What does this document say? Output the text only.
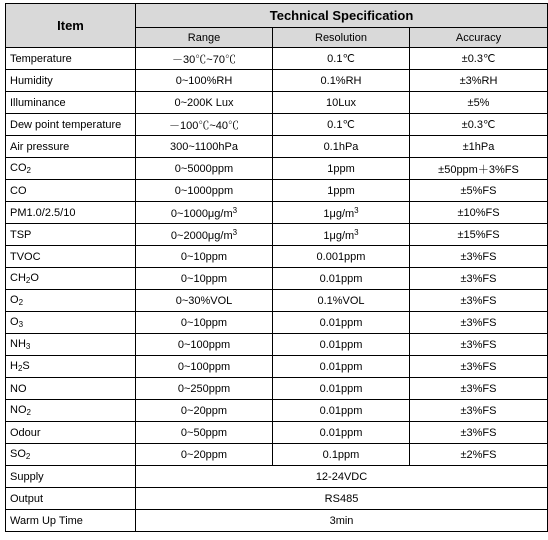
Item	Technical Specification		
	Range	Resolution	Accuracy
Temperature	－30℃~70℃	0.1℃	±0.3℃
Humidity	0~100%RH	0.1%RH	±3%RH
Illuminance	0~200K Lux	10Lux	±5%
Dew point temperature	－100℃~40℃	0.1℃	±0.3℃
Air pressure	300~1100hPa	0.1hPa	±1hPa
$CO_2$	0~5000ppm	1ppm	±50ppm＋3%FS
CO	0~1000ppm	1ppm	±5%FS
PM1.0/2.5/10	$0\sim 1000\mu g/m^3$	$1\mu g/m^3$	±10%FS
TSP	$0\sim 2000\mu g/m^3$	$1\mu g/m^3$	±15%FS
TVOC	0~10ppm	0.001ppm	±3%FS
$CH_2O$	0~10ppm	0.01ppm	±3%FS
$O_2$	0~30%VOL	0.1%VOL	±3%FS
$O_3$	0~10ppm	0.01ppm	±3%FS
$NH_3$	0~100ppm	0.01ppm	±3%FS
$H_2S$	0~100ppm	0.01ppm	±3%FS
NO	0~250ppm	0.01ppm	±3%FS
$NO_2$	0~20ppm	0.01ppm	±3%FS
Odour	0~50ppm	0.01ppm	±3%FS
$SO_2$	0~20ppm	0.1ppm	±2%FS
Supply	12-24VDC		
Output	RS485		
Warm Up Time	3min		
